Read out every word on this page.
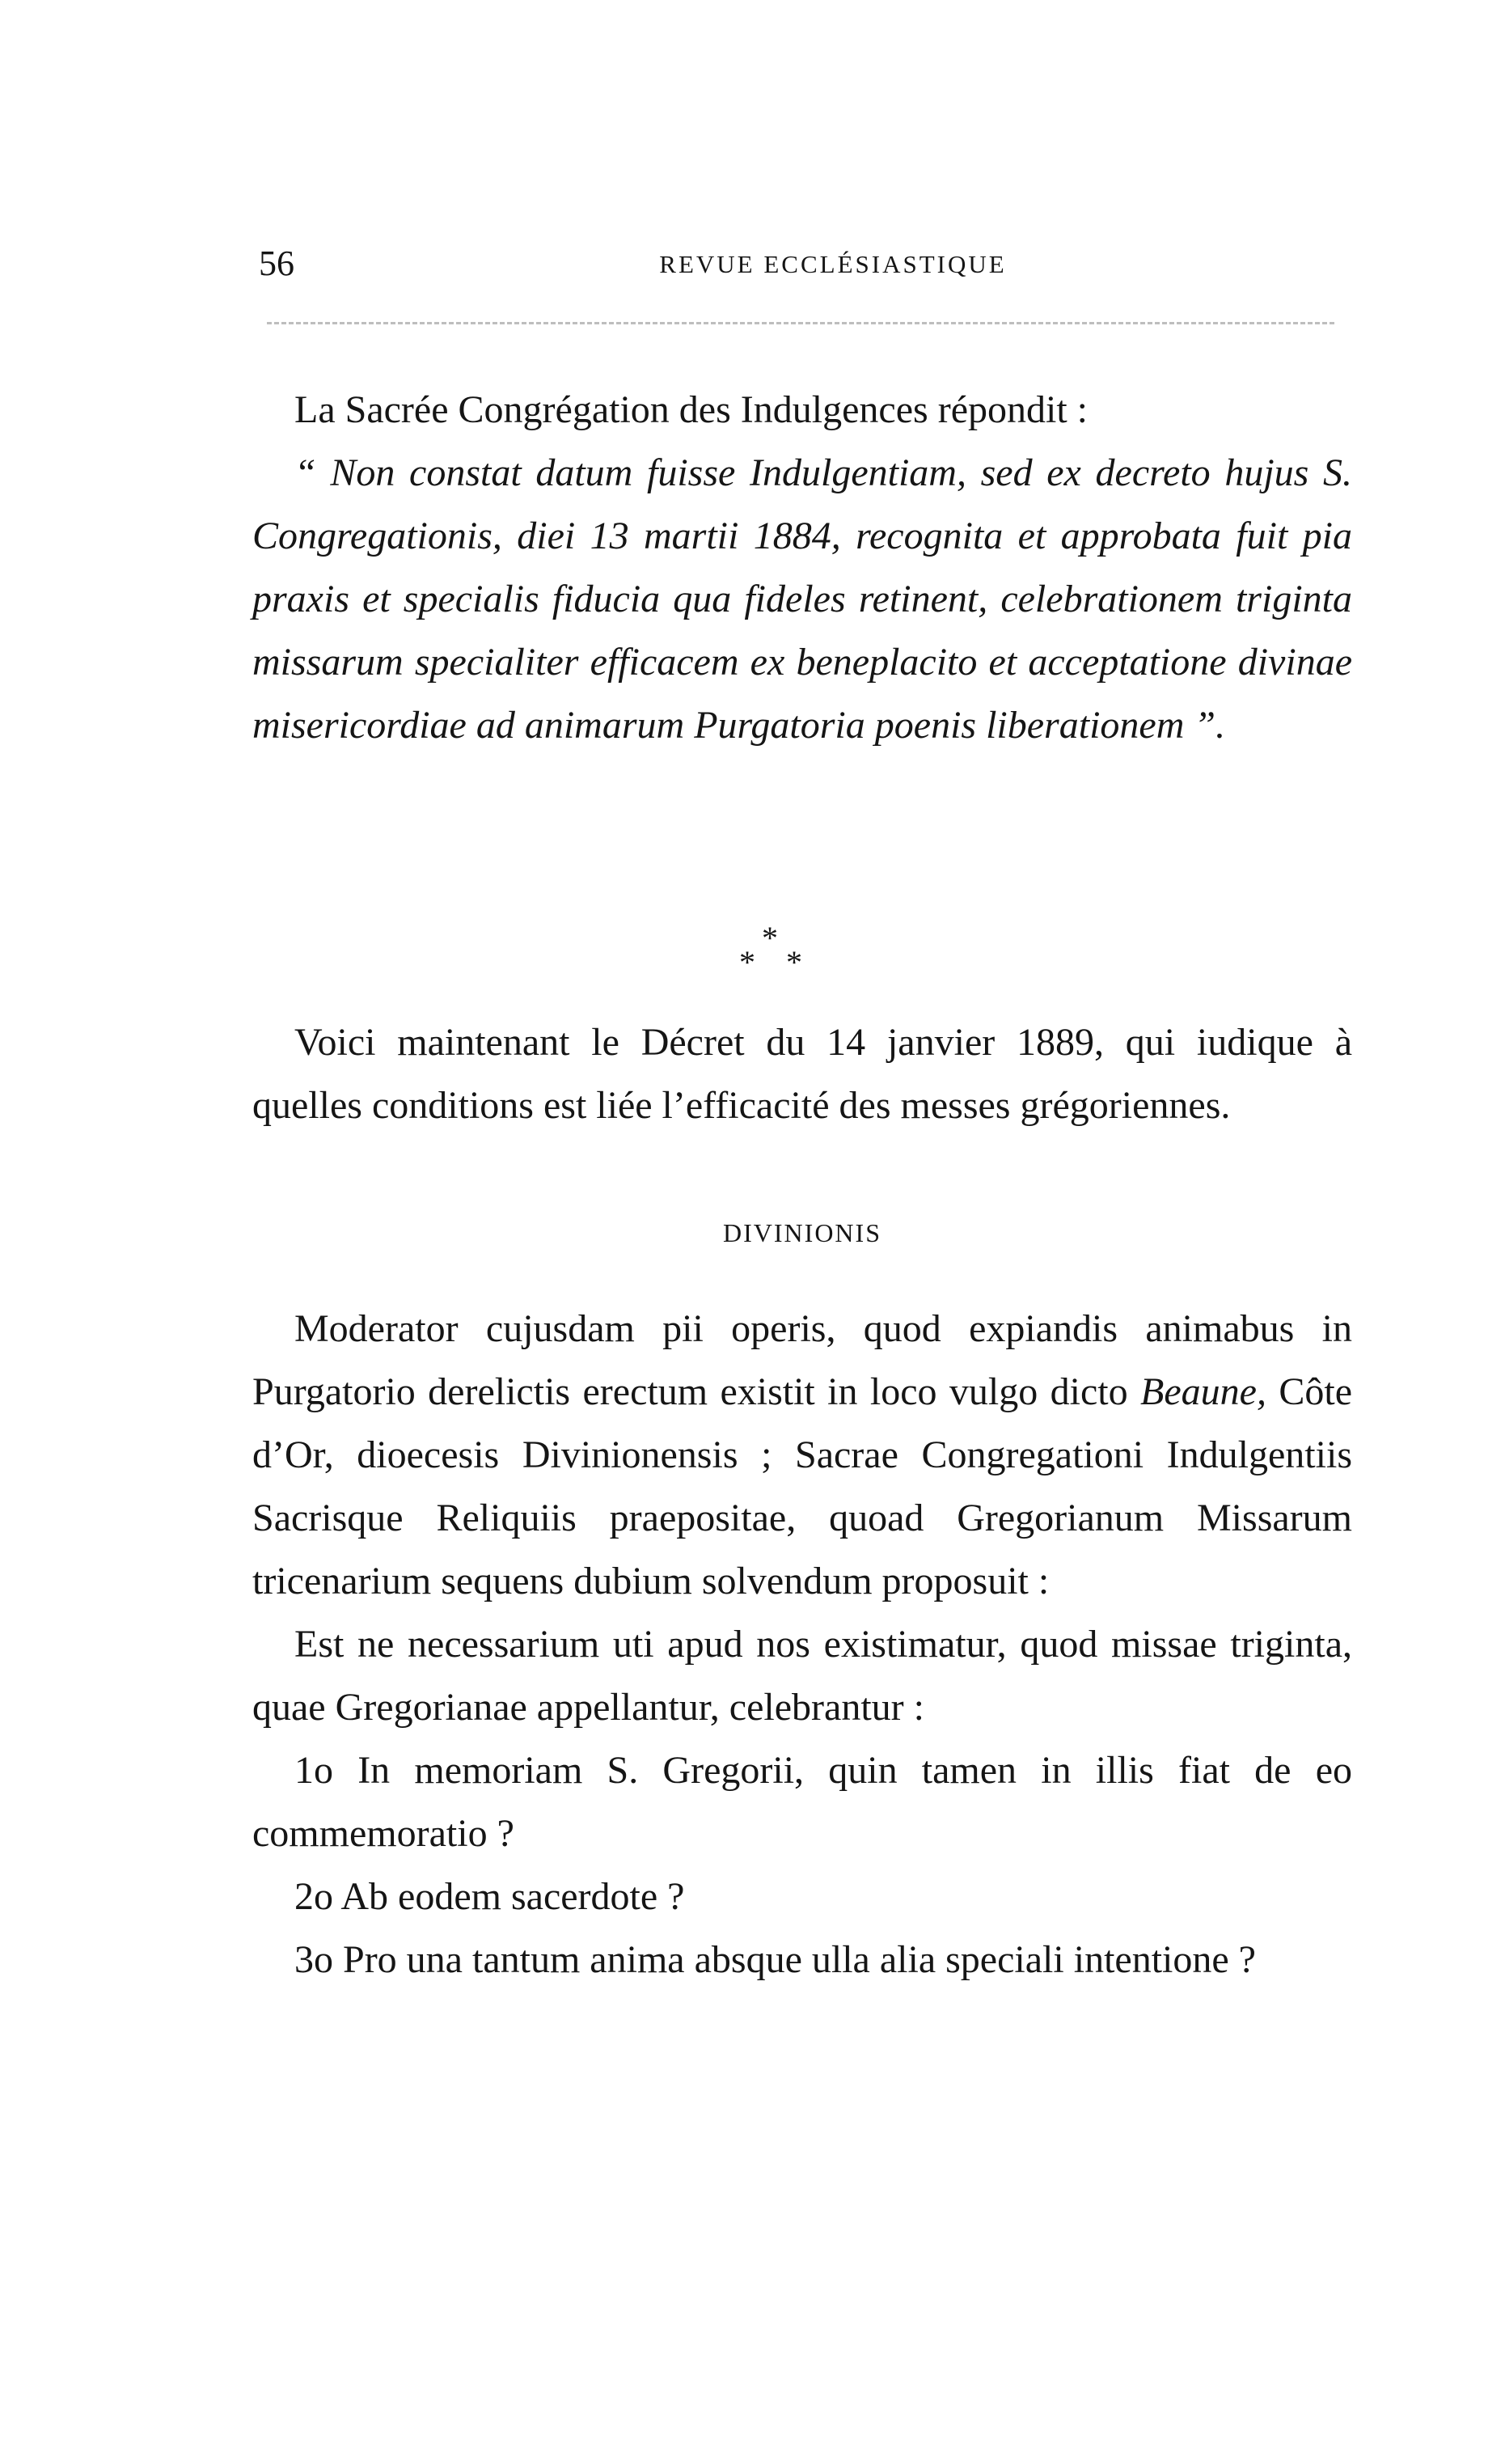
56	REVUE ECCLÉSIASTIQUE

La Sacrée Congrégation des Indulgences répondit :

“ Non constat datum fuisse Indulgentiam, sed ex decreto hujus S. Congregationis, diei 13 martii 1884, recognita et approbata fuit pia praxis et specialis fiducia qua fideles retinent, celebrationem triginta missarum specialiter efficacem ex beneplacito et acceptatione divinae misericordiae ad animarum Purgatoria poenis liberationem ”.

*
* *

Voici maintenant le Décret du 14 janvier 1889, qui iudique à quelles conditions est liée l’efficacité des messes grégoriennes.

DIVINIONIS

Moderator cujusdam pii operis, quod expiandis animabus in Purgatorio derelictis erectum existit in loco vulgo dicto Beaune, Côte d’Or, dioecesis Divinionensis ; Sacrae Congregationi Indulgentiis Sacrisque Reliquiis praepositae, quoad Gregorianum Missarum tricenarium sequens dubium solvendum proposuit :

Est ne necessarium uti apud nos existimatur, quod missae triginta, quae Gregorianae appellantur, celebrantur :

1o In memoriam S. Gregorii, quin tamen in illis fiat de eo commemoratio ?

2o Ab eodem sacerdote ?

3o Pro una tantum anima absque ulla alia speciali intentione ?
